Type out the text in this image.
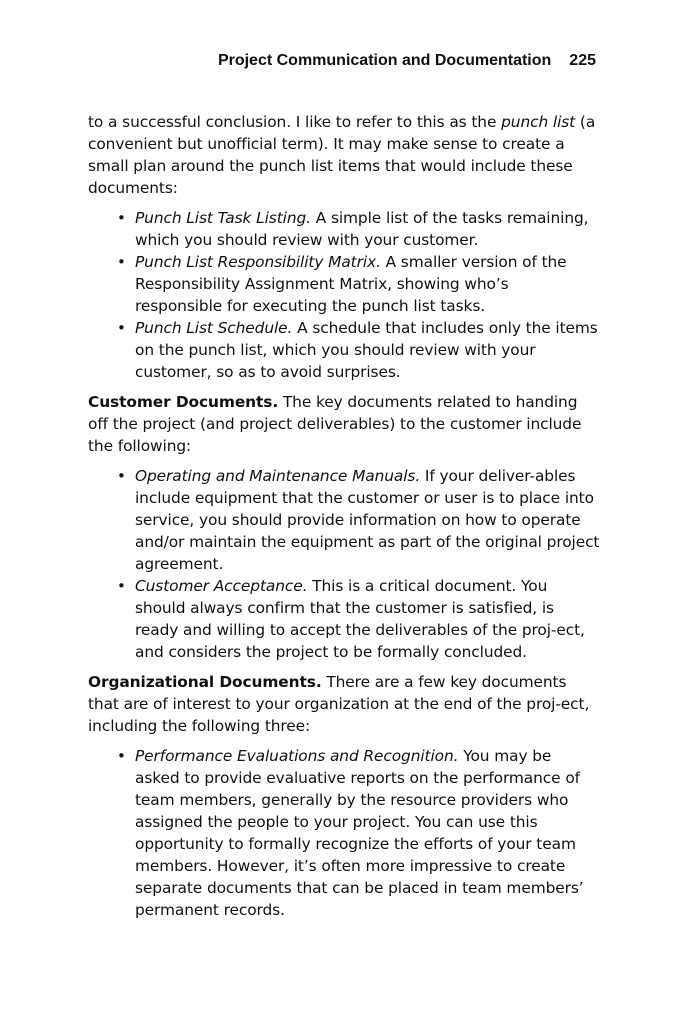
Project Communication and Documentation 225

to a successful conclusion. I like to refer to this as the punch list (a convenient but unofficial term). It may make sense to create a small plan around the punch list items that would include these documents:

• Punch List Task Listing. A simple list of the tasks remaining, which you should review with your customer.
• Punch List Responsibility Matrix. A smaller version of the Responsibility Assignment Matrix, showing who’s responsible for executing the punch list tasks.
• Punch List Schedule. A schedule that includes only the items on the punch list, which you should review with your customer, so as to avoid surprises.

Customer Documents. The key documents related to handing off the project (and project deliverables) to the customer include the following:

• Operating and Maintenance Manuals. If your deliver-ables include equipment that the customer or user is to place into service, you should provide information on how to operate and/or maintain the equipment as part of the original project agreement.
• Customer Acceptance. This is a critical document. You should always confirm that the customer is satisfied, is ready and willing to accept the deliverables of the proj-ect, and considers the project to be formally concluded.

Organizational Documents. There are a few key documents that are of interest to your organization at the end of the proj-ect, including the following three:

• Performance Evaluations and Recognition. You may be asked to provide evaluative reports on the performance of team members, generally by the resource providers who assigned the people to your project. You can use this opportunity to formally recognize the efforts of your team members. However, it’s often more impressive to create separate documents that can be placed in team members’ permanent records.
